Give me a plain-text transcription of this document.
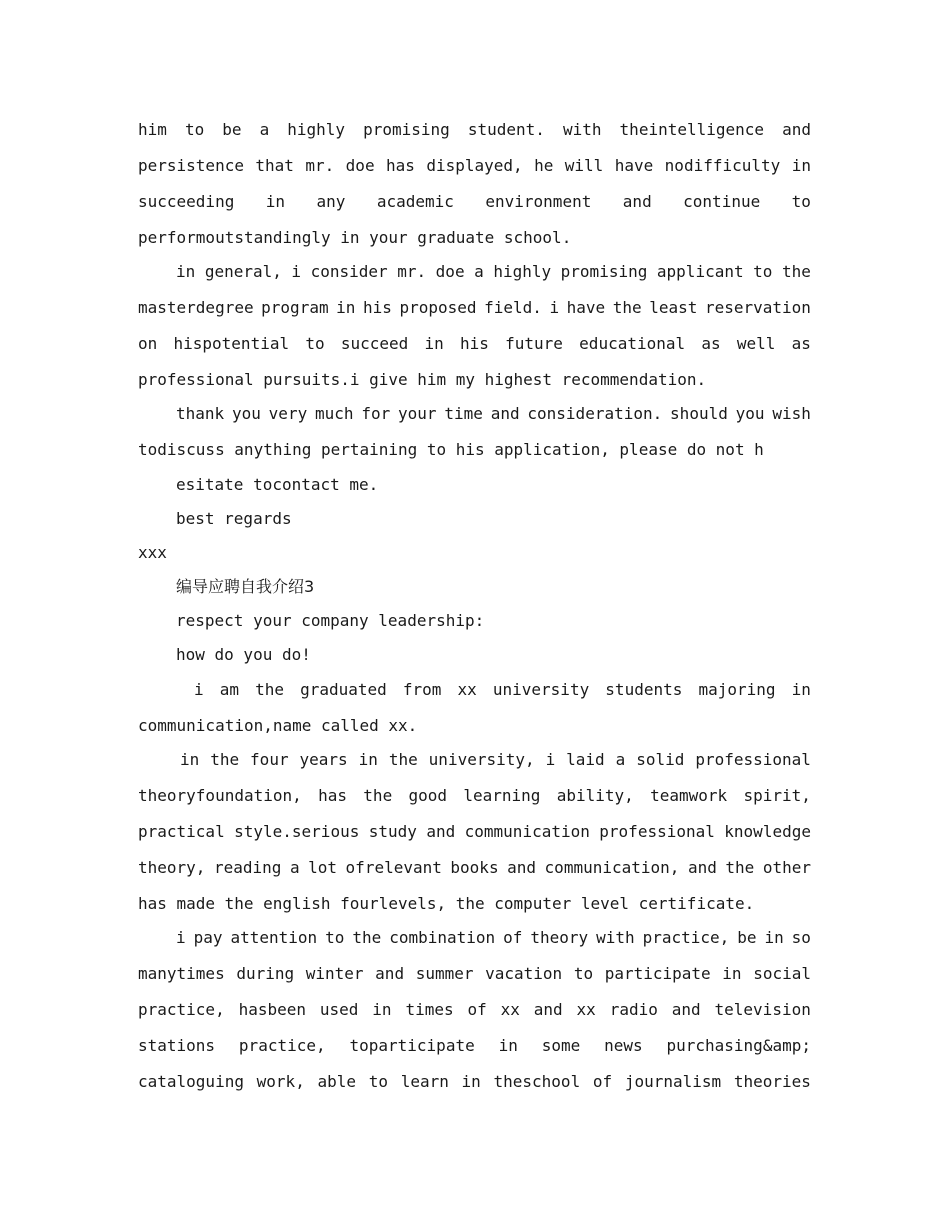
him to be a highly promising student. with theintelligence and
persistence that mr. doe has displayed, he will have nodifficulty in
succeeding in any academic environment and continue to
performoutstandingly in your graduate school.
in general, i consider mr. doe a highly promising applicant to the
masterdegree program in his proposed field. i have the least reservation
on hispotential to succeed in his future educational as well as
professional pursuits.i give him my highest recommendation.
thank you very much for your time and consideration. should you wish
todiscuss anything pertaining to his application, please do not h
esitate tocontact me.
best regards
xxx
编导应聘自我介绍3
respect your company leadership:
how do you do!
i am the graduated from xx university students majoring in
communication,name called xx.
in the four years in the university, i laid a solid professional
theoryfoundation, has the good learning ability, teamwork spirit,
practical style.serious study and communication professional knowledge
theory, reading a lot ofrelevant books and communication, and the other
has made the english fourlevels, the computer level certificate.
i pay attention to the combination of theory with practice, be in so
manytimes during winter and summer vacation to participate in social
practice, hasbeen used in times of xx and xx radio and television
stations practice, toparticipate in some news purchasing&amp;
cataloguing work, able to learn in theschool of journalism theories
